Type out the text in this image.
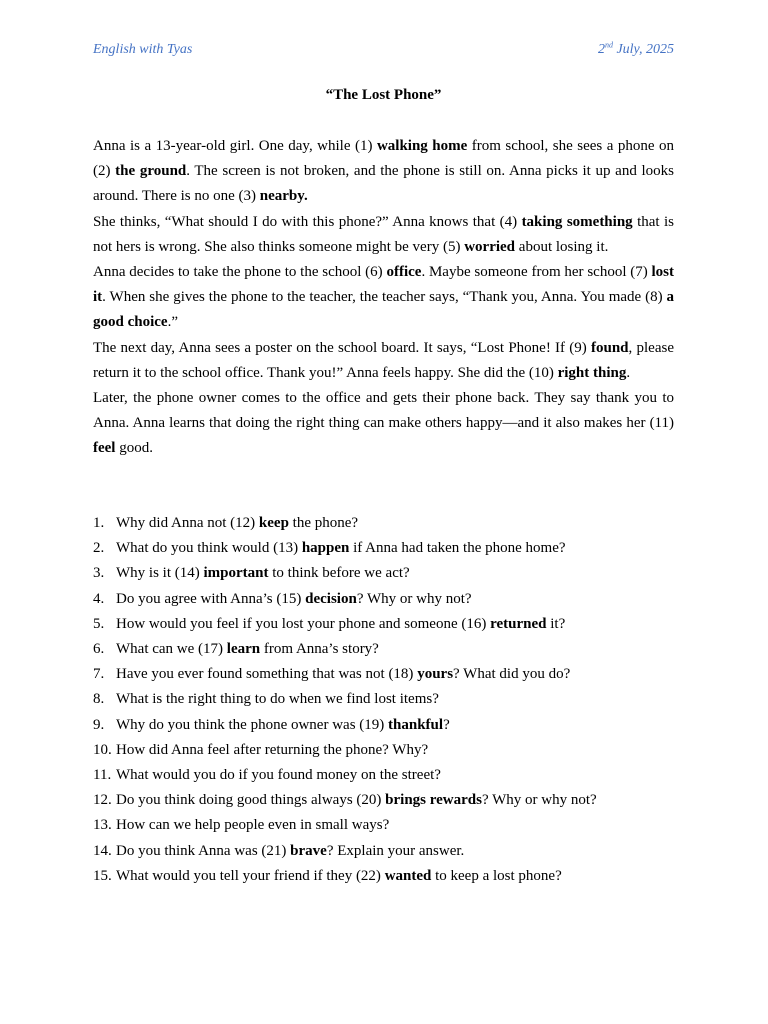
English with Tyas	2nd July, 2025
“The Lost Phone”

Anna is a 13-year-old girl. One day, while (1) walking home from school, she sees a phone on (2) the ground. The screen is not broken, and the phone is still on. Anna picks it up and looks around. There is no one (3) nearby.

She thinks, “What should I do with this phone?” Anna knows that (4) taking something that is not hers is wrong. She also thinks someone might be very (5) worried about losing it.

Anna decides to take the phone to the school (6) office. Maybe someone from her school (7) lost it. When she gives the phone to the teacher, the teacher says, “Thank you, Anna. You made (8) a good choice.”

The next day, Anna sees a poster on the school board. It says, “Lost Phone! If (9) found, please return it to the school office. Thank you!” Anna feels happy. She did the (10) right thing.

Later, the phone owner comes to the office and gets their phone back. They say thank you to Anna. Anna learns that doing the right thing can make others happy—and it also makes her (11) feel good.

1. Why did Anna not (12) keep the phone?
2. What do you think would (13) happen if Anna had taken the phone home?
3. Why is it (14) important to think before we act?
4. Do you agree with Anna’s (15) decision? Why or why not?
5. How would you feel if you lost your phone and someone (16) returned it?
6. What can we (17) learn from Anna’s story?
7. Have you ever found something that was not (18) yours? What did you do?
8. What is the right thing to do when we find lost items?
9. Why do you think the phone owner was (19) thankful?
10. How did Anna feel after returning the phone? Why?
11. What would you do if you found money on the street?
12. Do you think doing good things always (20) brings rewards? Why or why not?
13. How can we help people even in small ways?
14. Do you think Anna was (21) brave? Explain your answer.
15. What would you tell your friend if they (22) wanted to keep a lost phone?
